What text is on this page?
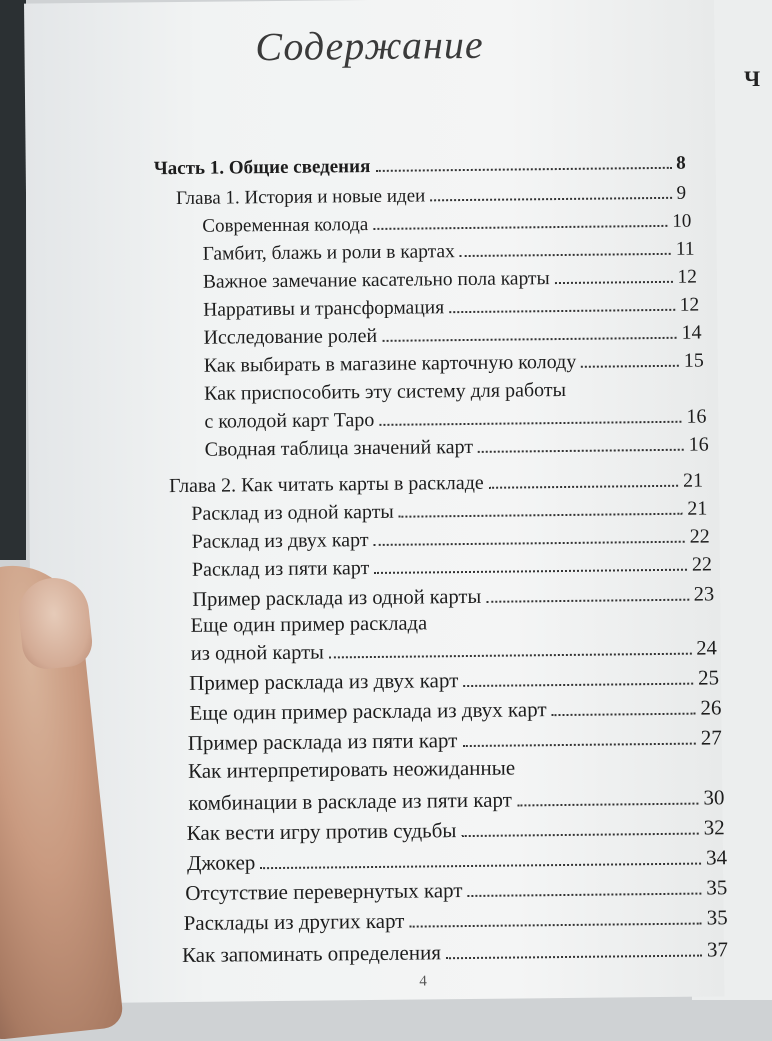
Ч
Содержание
Часть 1. Общие сведения	8
Глава 1. История и новые идеи	9
Современная колода	10
Гамбит, блажь и роли в картах	11
Важное замечание касательно пола карты	12
Нарративы и трансформация	12
Исследование ролей	14
Как выбирать в магазине карточную колоду	15
Как приспособить эту систему для работы
с колодой карт Таро	16
Сводная таблица значений карт	16
Глава 2. Как читать карты в раскладе	21
Расклад из одной карты	21
Расклад из двух карт	22
Расклад из пяти карт	22
Пример расклада из одной карты	23
Еще один пример расклада
из одной карты	24
Пример расклада из двух карт	25
Еще один пример расклада из двух карт	26
Пример расклада из пяти карт	27
Как интерпретировать неожиданные
комбинации в раскладе из пяти карт	30
Как вести игру против судьбы	32
Джокер	34
Отсутствие перевернутых карт	35
Расклады из других карт	35
Как запоминать определения	37
4
